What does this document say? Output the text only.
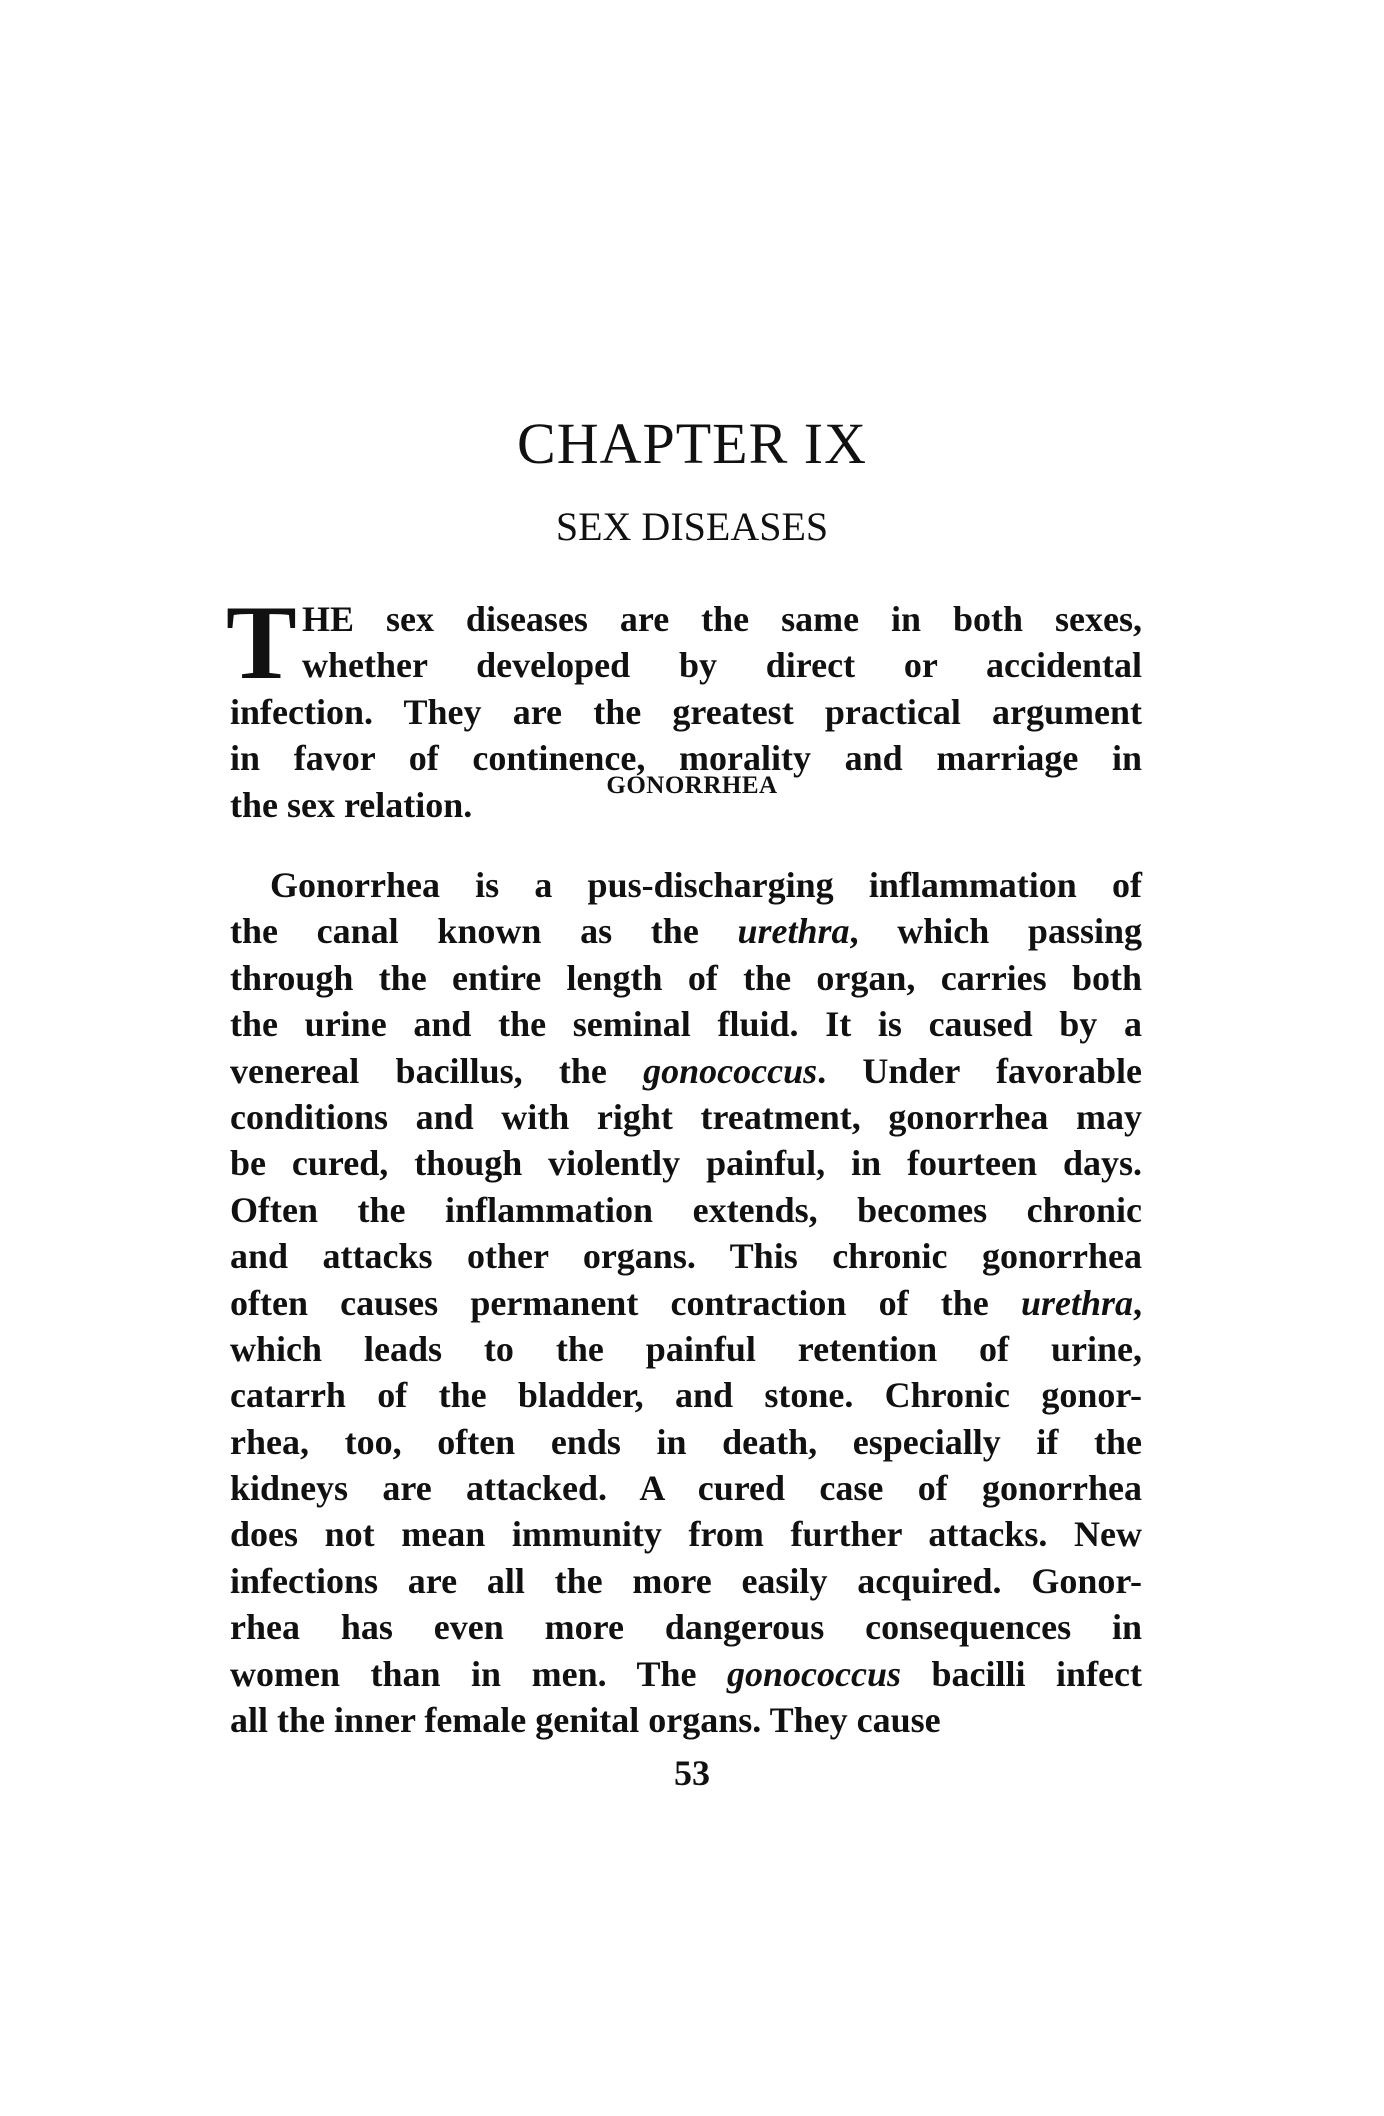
CHAPTER IX
SEX DISEASES
T HE sex diseases are the same in both sexes,
whether developed by direct or accidental
infection. They are the greatest practical argument
in favor of continence, morality and marriage in
the sex relation.	GONORRHEA
Gonorrhea is a pus-discharging inflammation of
the canal known as the urethra, which passing
through the entire length of the organ, carries both
the urine and the seminal fluid. It is caused by a
venereal bacillus, the gonococcus. Under favorable
conditions and with right treatment, gonorrhea may
be cured, though violently painful, in fourteen days.
Often the inflammation extends, becomes chronic
and attacks other organs. This chronic gonorrhea
often causes permanent contraction of the urethra,
which leads to the painful retention of urine,
catarrh of the bladder, and stone. Chronic gonor-
rhea, too, often ends in death, especially if the
kidneys are attacked. A cured case of gonorrhea
does not mean immunity from further attacks. New
infections are all the more easily acquired. Gonor-
rhea has even more dangerous consequences in
women than in men. The gonococcus bacilli infect
all the inner female genital organs. They cause
53
